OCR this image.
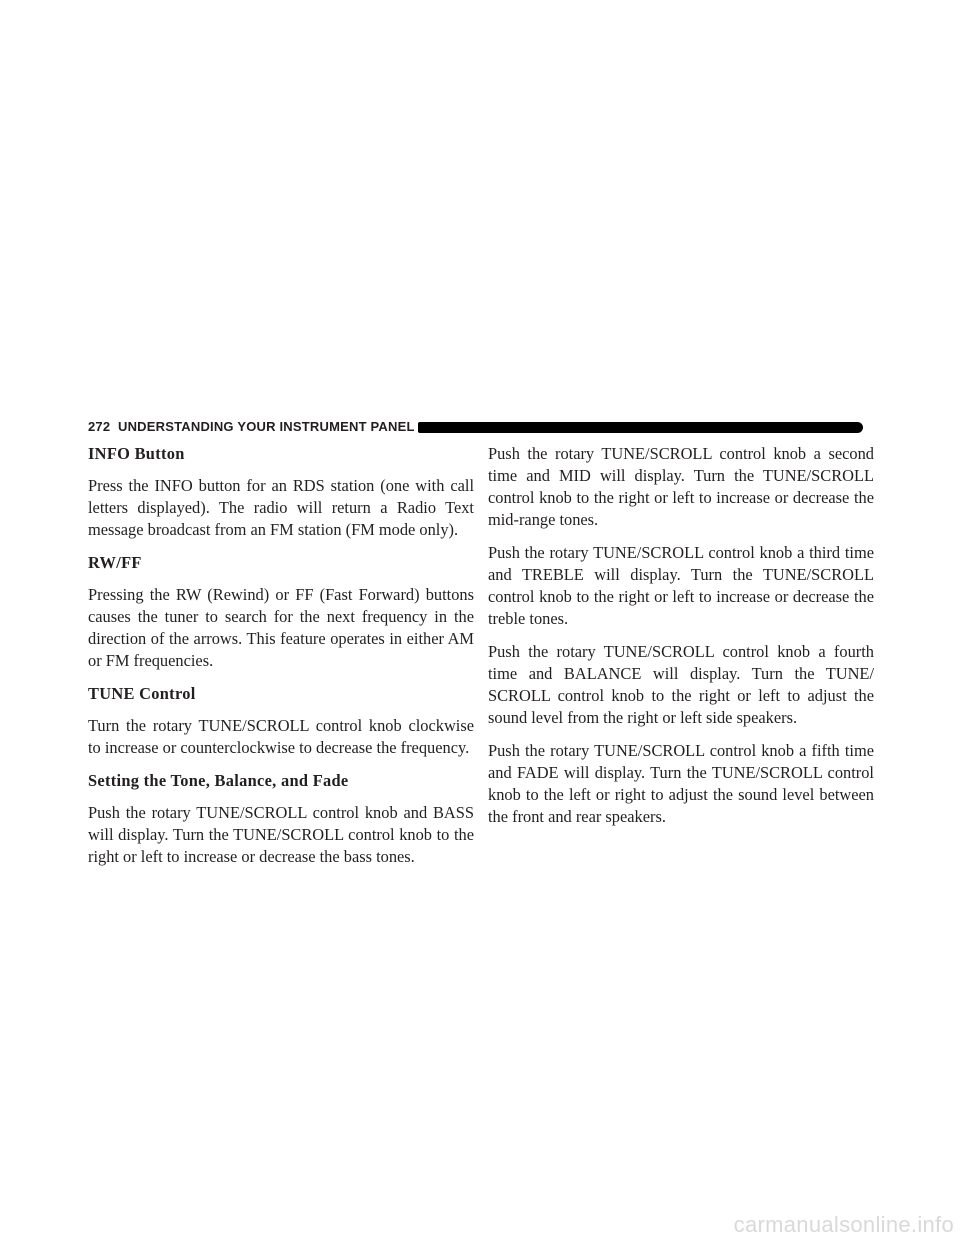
272 UNDERSTANDING YOUR INSTRUMENT PANEL
INFO Button

Press the INFO button for an RDS station (one with call letters displayed). The radio will return a Radio Text message broadcast from an FM station (FM mode only).

RW/FF

Pressing the RW (Rewind) or FF (Fast Forward) buttons causes the tuner to search for the next frequency in the direction of the arrows. This feature operates in either AM or FM frequencies.

TUNE Control

Turn the rotary TUNE/SCROLL control knob clockwise to increase or counterclockwise to decrease the frequency.

Setting the Tone, Balance, and Fade

Push the rotary TUNE/SCROLL control knob and BASS will display. Turn the TUNE/SCROLL control knob to the right or left to increase or decrease the bass tones.

Push the rotary TUNE/SCROLL control knob a second time and MID will display. Turn the TUNE/SCROLL control knob to the right or left to increase or decrease the mid-range tones.

Push the rotary TUNE/SCROLL control knob a third time and TREBLE will display. Turn the TUNE/SCROLL control knob to the right or left to increase or decrease the treble tones.

Push the rotary TUNE/SCROLL control knob a fourth time and BALANCE will display. Turn the TUNE/ SCROLL control knob to the right or left to adjust the sound level from the right or left side speakers.

Push the rotary TUNE/SCROLL control knob a fifth time and FADE will display. Turn the TUNE/SCROLL control knob to the left or right to adjust the sound level between the front and rear speakers.

carmanualsonline.info
